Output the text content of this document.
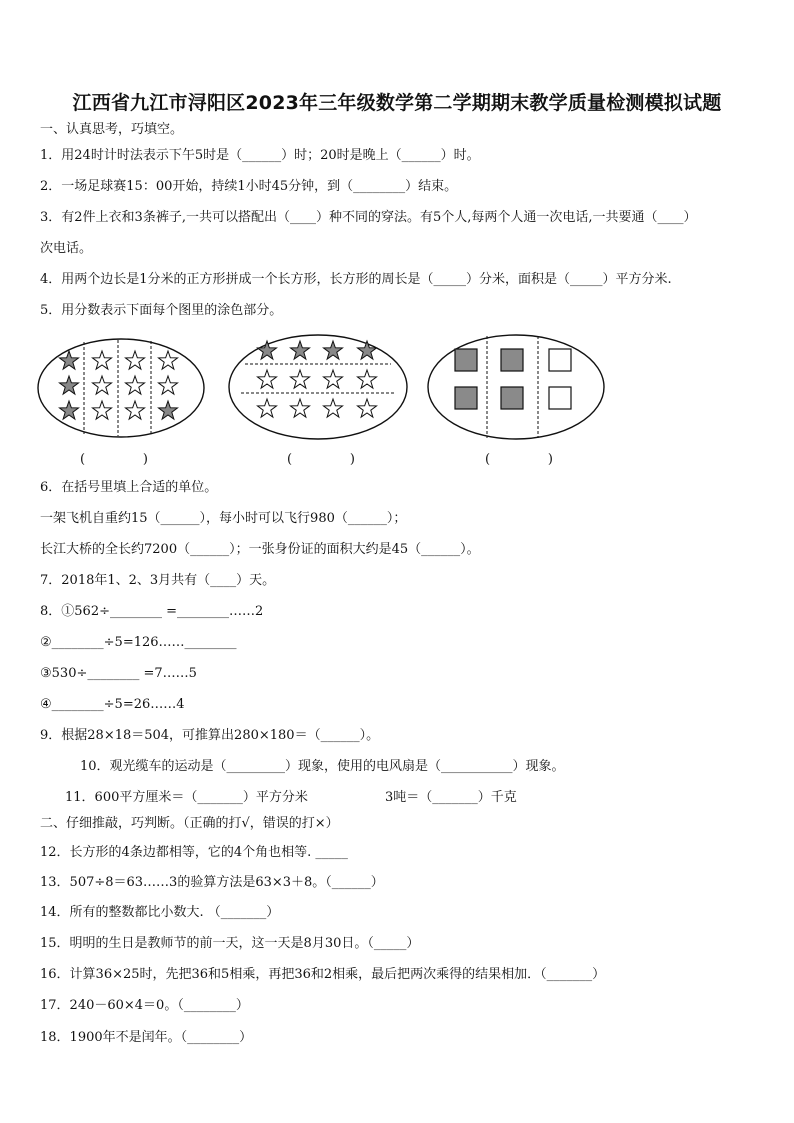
江西省九江市浔阳区2023年三年级数学第二学期期末教学质量检测模拟试题
一、认真思考，巧填空。
1．用24时计时法表示下午5时是（______）时；20时是晚上（______）时。
2．一场足球赛15：00开始，持续1小时45分钟，到（________）结束。
3．有2件上衣和3条裤子,一共可以搭配出（____）种不同的穿法。有5个人,每两个人通一次电话,一共要通（____）
次电话。
4．用两个边长是1分米的正方形拼成一个长方形，长方形的周长是（_____）分米，面积是（_____）平方分米.
5．用分数表示下面每个图里的涂色部分。
(              )	(              )	(              )
6．在括号里填上合适的单位。
一架飞机自重约15（______），每小时可以飞行980（______）；
长江大桥的全长约7200（______）；一张身份证的面积大约是45（______）。
7．2018年1、2、3月共有（____）天。
8．①562÷________ =________……2
②________÷5=126……________
③530÷________ =7……5
④________÷5=26……4
9．根据28×18＝504，可推算出280×180＝（______）。
10．观光缆车的运动是（_________）现象，使用的电风扇是（___________）现象。
11．600平方厘米＝（_______）平方分米	3吨＝（_______）千克
二、仔细推敲，巧判断。（正确的打√，错误的打×）
12．长方形的4条边都相等，它的4个角也相等. _____
13．507÷8＝63……3的验算方法是63×3＋8。（______）
14．所有的整数都比小数大. （_______）
15．明明的生日是教师节的前一天，这一天是8月30日。（_____）
16．计算36×25时，先把36和5相乘，再把36和2相乘，最后把两次乘得的结果相加．（_______）
17．240－60×4＝0。（________）
18．1900年不是闰年。（________）
